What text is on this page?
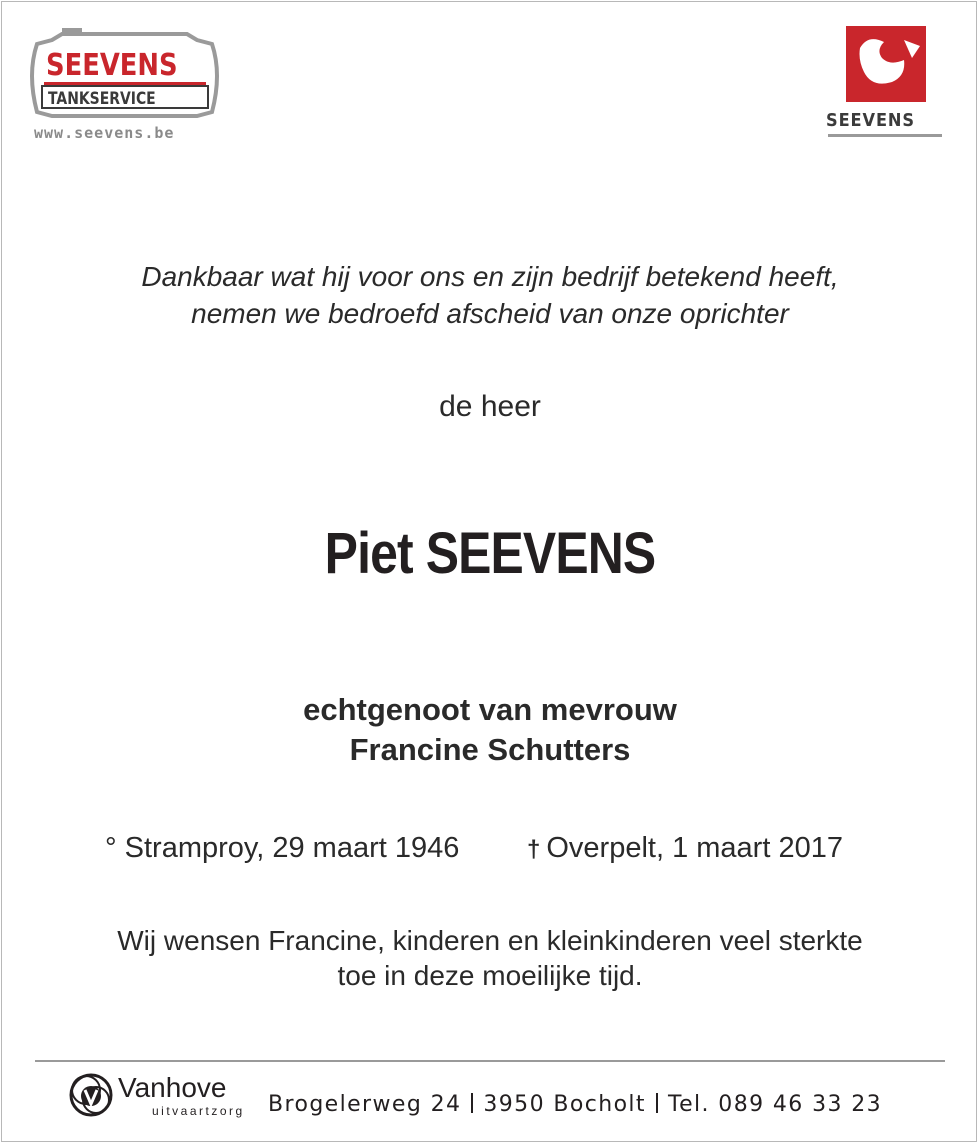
SEEVENS
TANKSERVICE
www.seevens.be
SEEVENS
Dankbaar wat hij voor ons en zijn bedrijf betekend heeft,
nemen we bedroefd afscheid van onze oprichter
de heer
Piet SEEVENS
echtgenoot van mevrouw
Francine Schutters
° Stramproy, 29 maart 1946	† Overpelt, 1 maart 2017
Wij wensen Francine, kinderen en kleinkinderen veel sterkte
toe in deze moeilijke tijd.
Vanhove
uitvaartzorg Brogelerweg 24 3950 Bocholt Tel. 089 46 33 23
